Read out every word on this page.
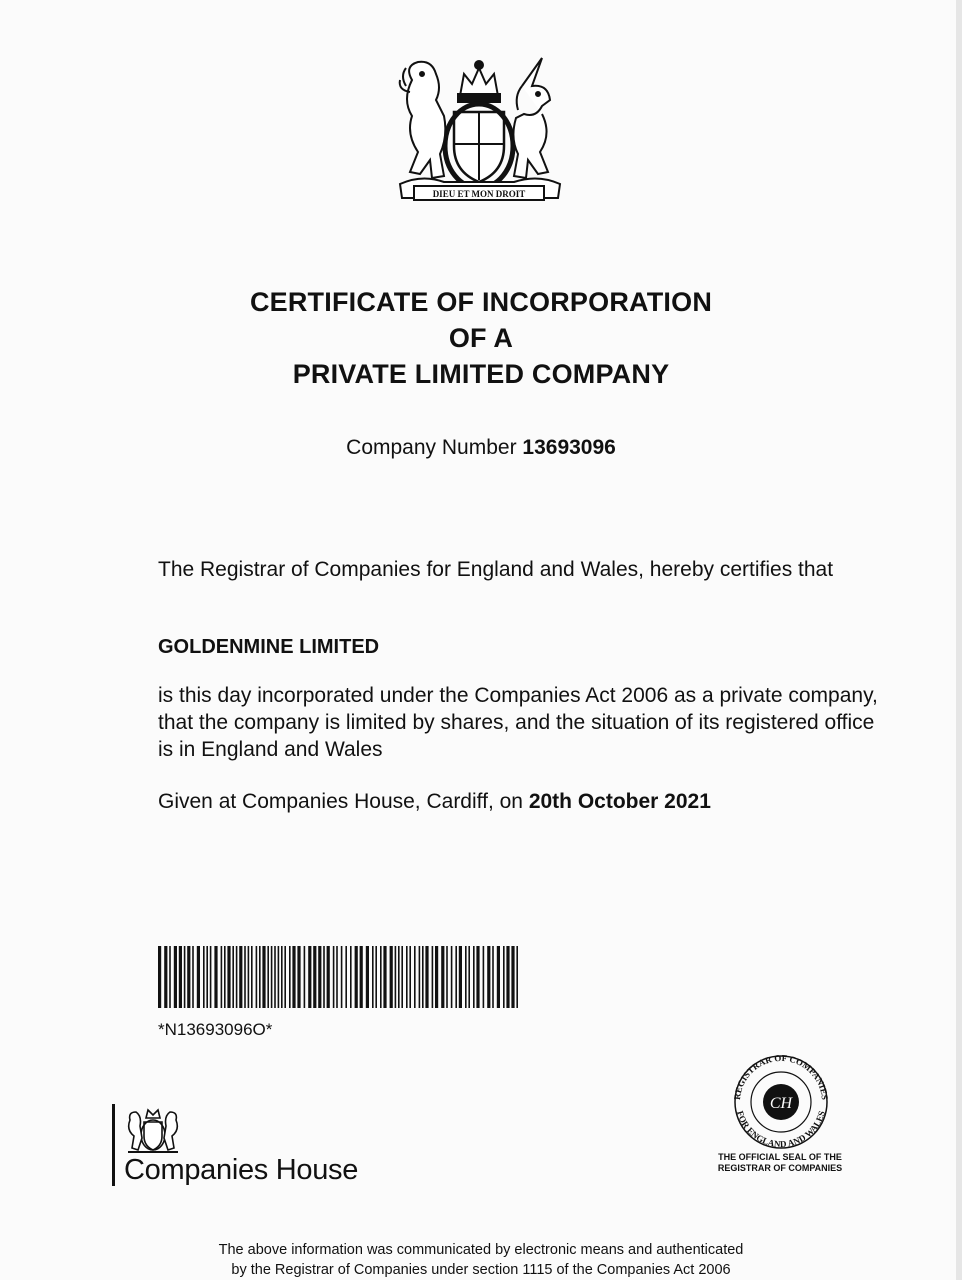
DIEU ET MON DROIT
CERTIFICATE OF INCORPORATION
OF A
PRIVATE LIMITED COMPANY
Company Number 13693096
The Registrar of Companies for England and Wales, hereby certifies that
GOLDENMINE LIMITED
is this day incorporated under the Companies Act 2006 as a private company, that the company is limited by shares, and the situation of its registered office is in England and Wales
Given at Companies House, Cardiff, on 20th October 2021
*N13693096O*
Companies House
REGISTRAR OF COMPANIES
FOR ENGLAND AND WALES
CH
THE OFFICIAL SEAL OF THE
REGISTRAR OF COMPANIES
The above information was communicated by electronic means and authenticated
by the Registrar of Companies under section 1115 of the Companies Act 2006
